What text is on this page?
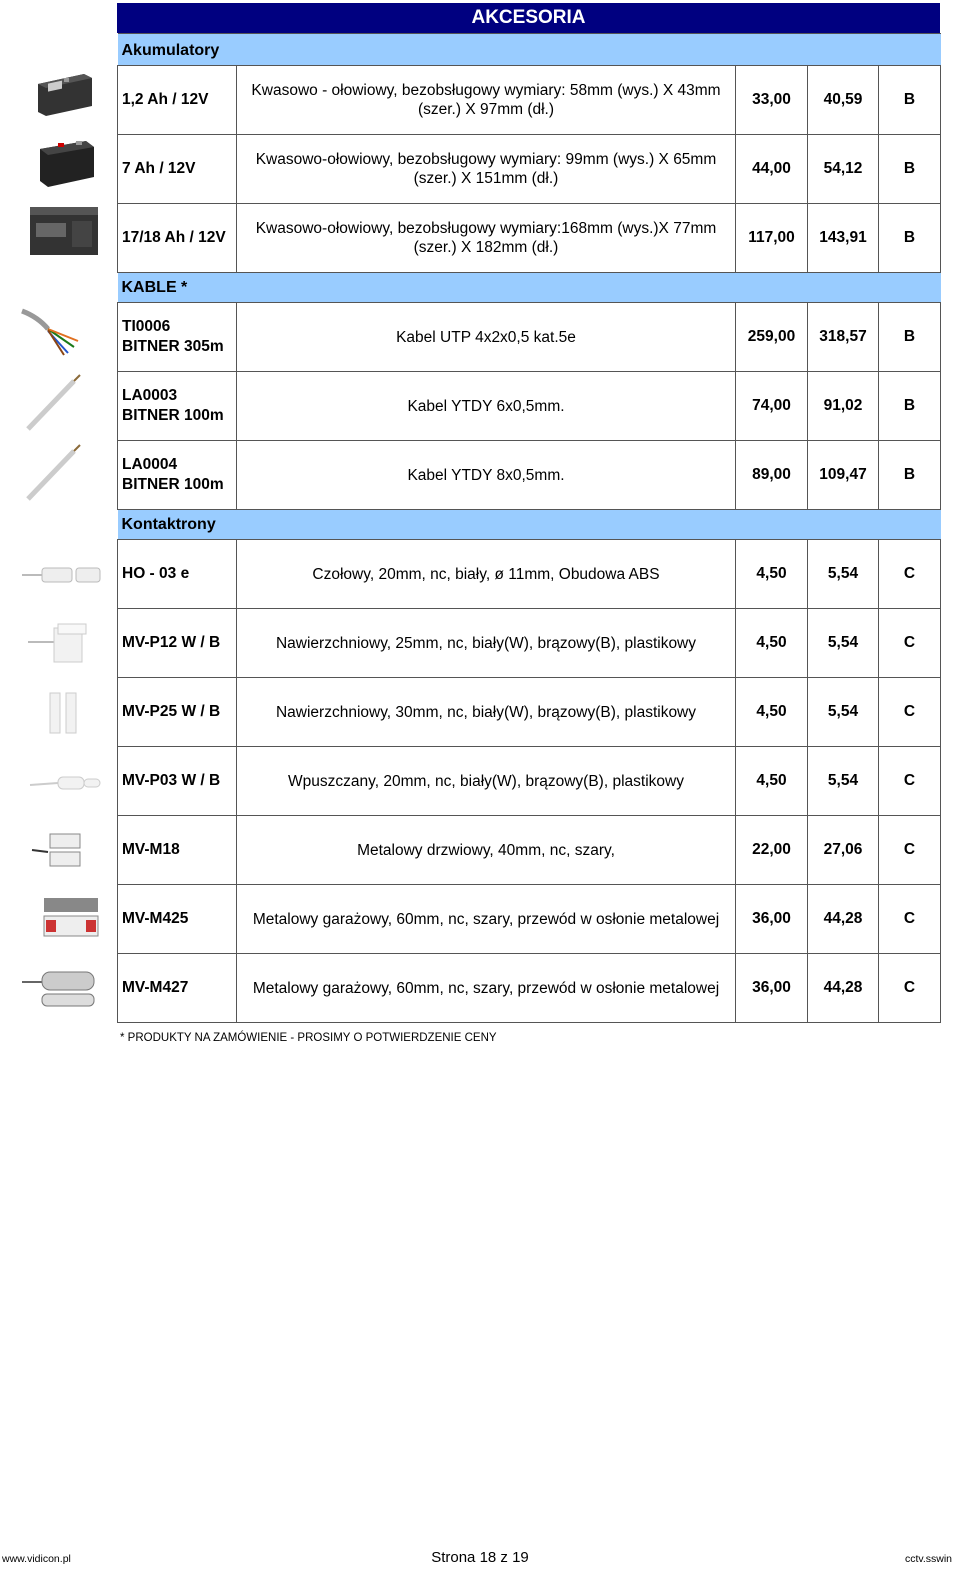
AKCESORIA
Akumulatory				
1,2 Ah / 12V	Kwasowo - ołowiowy, bezobsługowy wymiary: 58mm (wys.) X 43mm
(szer.) X 97mm (dł.)	33,00	40,59	B
7 Ah / 12V	Kwasowo-ołowiowy, bezobsługowy wymiary: 99mm (wys.) X 65mm
(szer.) X 151mm (dł.)	44,00	54,12	B
17/18 Ah / 12V	Kwasowo-ołowiowy, bezobsługowy wymiary:168mm (wys.)X 77mm
(szer.) X 182mm (dł.)	117,00	143,91	B
KABLE *				
TI0006
BITNER 305m	Kabel UTP 4x2x0,5 kat.5e	259,00	318,57	B
LA0003
BITNER 100m	Kabel YTDY 6x0,5mm.	74,00	91,02	B
LA0004
BITNER 100m	Kabel YTDY 8x0,5mm.	89,00	109,47	B
Kontaktrony				
HO - 03 e	Czołowy, 20mm, nc, biały, ø 11mm, Obudowa ABS	4,50	5,54	C
MV-P12 W / B	Nawierzchniowy, 25mm, nc, biały(W), brązowy(B), plastikowy	4,50	5,54	C
MV-P25 W / B	Nawierzchniowy, 30mm, nc, biały(W), brązowy(B), plastikowy	4,50	5,54	C
MV-P03 W / B	Wpuszczany, 20mm, nc, biały(W), brązowy(B), plastikowy	4,50	5,54	C
MV-M18	Metalowy drzwiowy, 40mm, nc, szary,	22,00	27,06	C
MV-M425	Metalowy garażowy, 60mm, nc, szary, przewód w osłonie metalowej	36,00	44,28	C
MV-M427	Metalowy garażowy, 60mm, nc, szary, przewód w osłonie metalowej	36,00	44,28	C
* PRODUKTY NA ZAMÓWIENIE - PROSIMY O POTWIERDZENIE CENY
www.vidicon.pl	Strona 18 z 19	cctv.sswin
